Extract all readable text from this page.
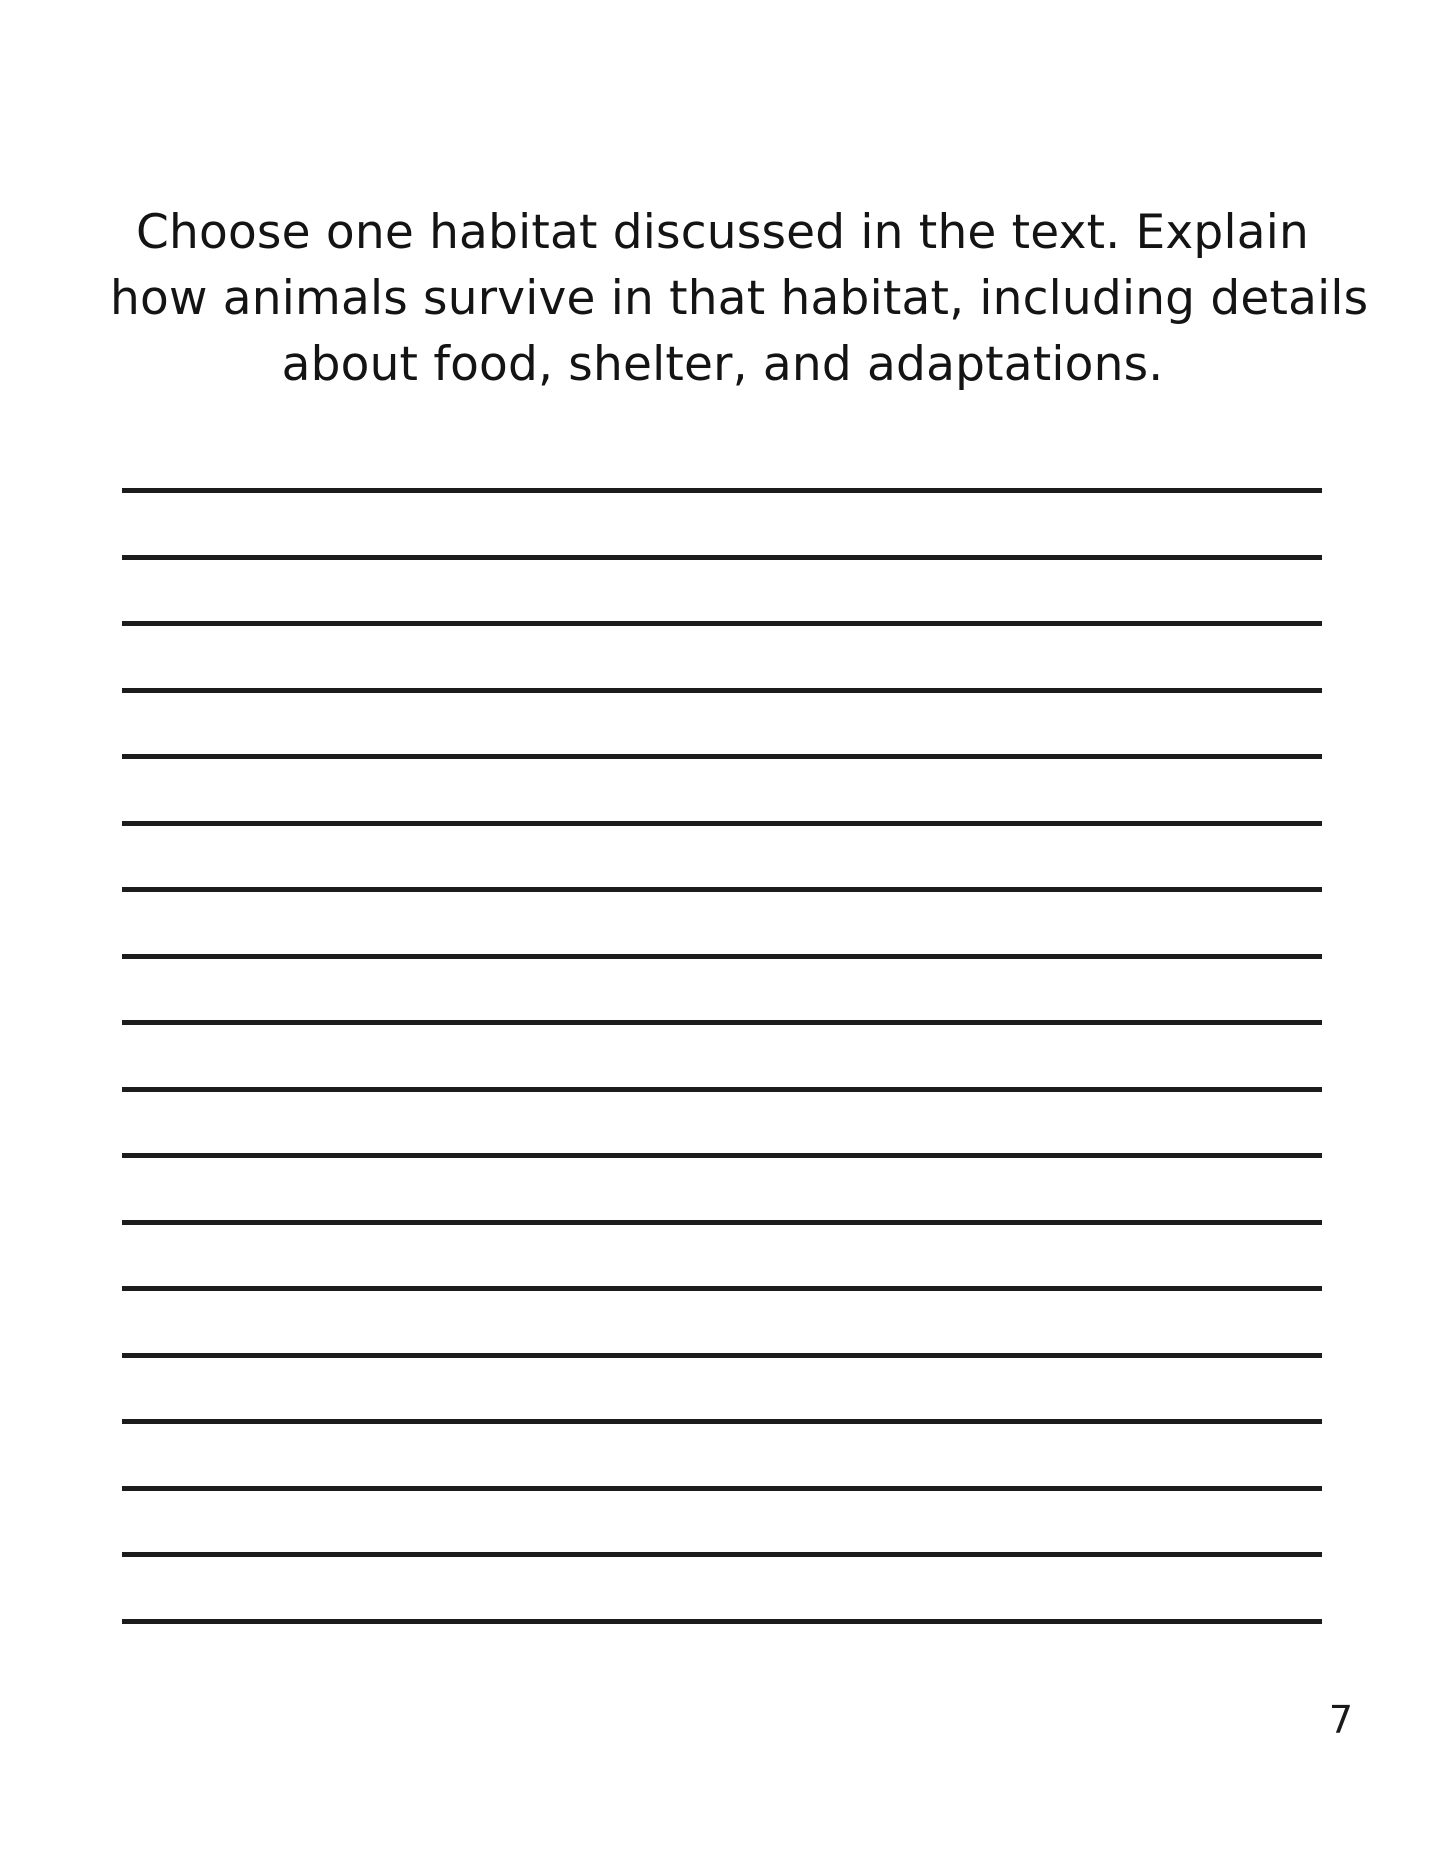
Choose one habitat discussed in the text. Explain
how animals survive in that habitat, including details
about food, shelter, and adaptations.
7
